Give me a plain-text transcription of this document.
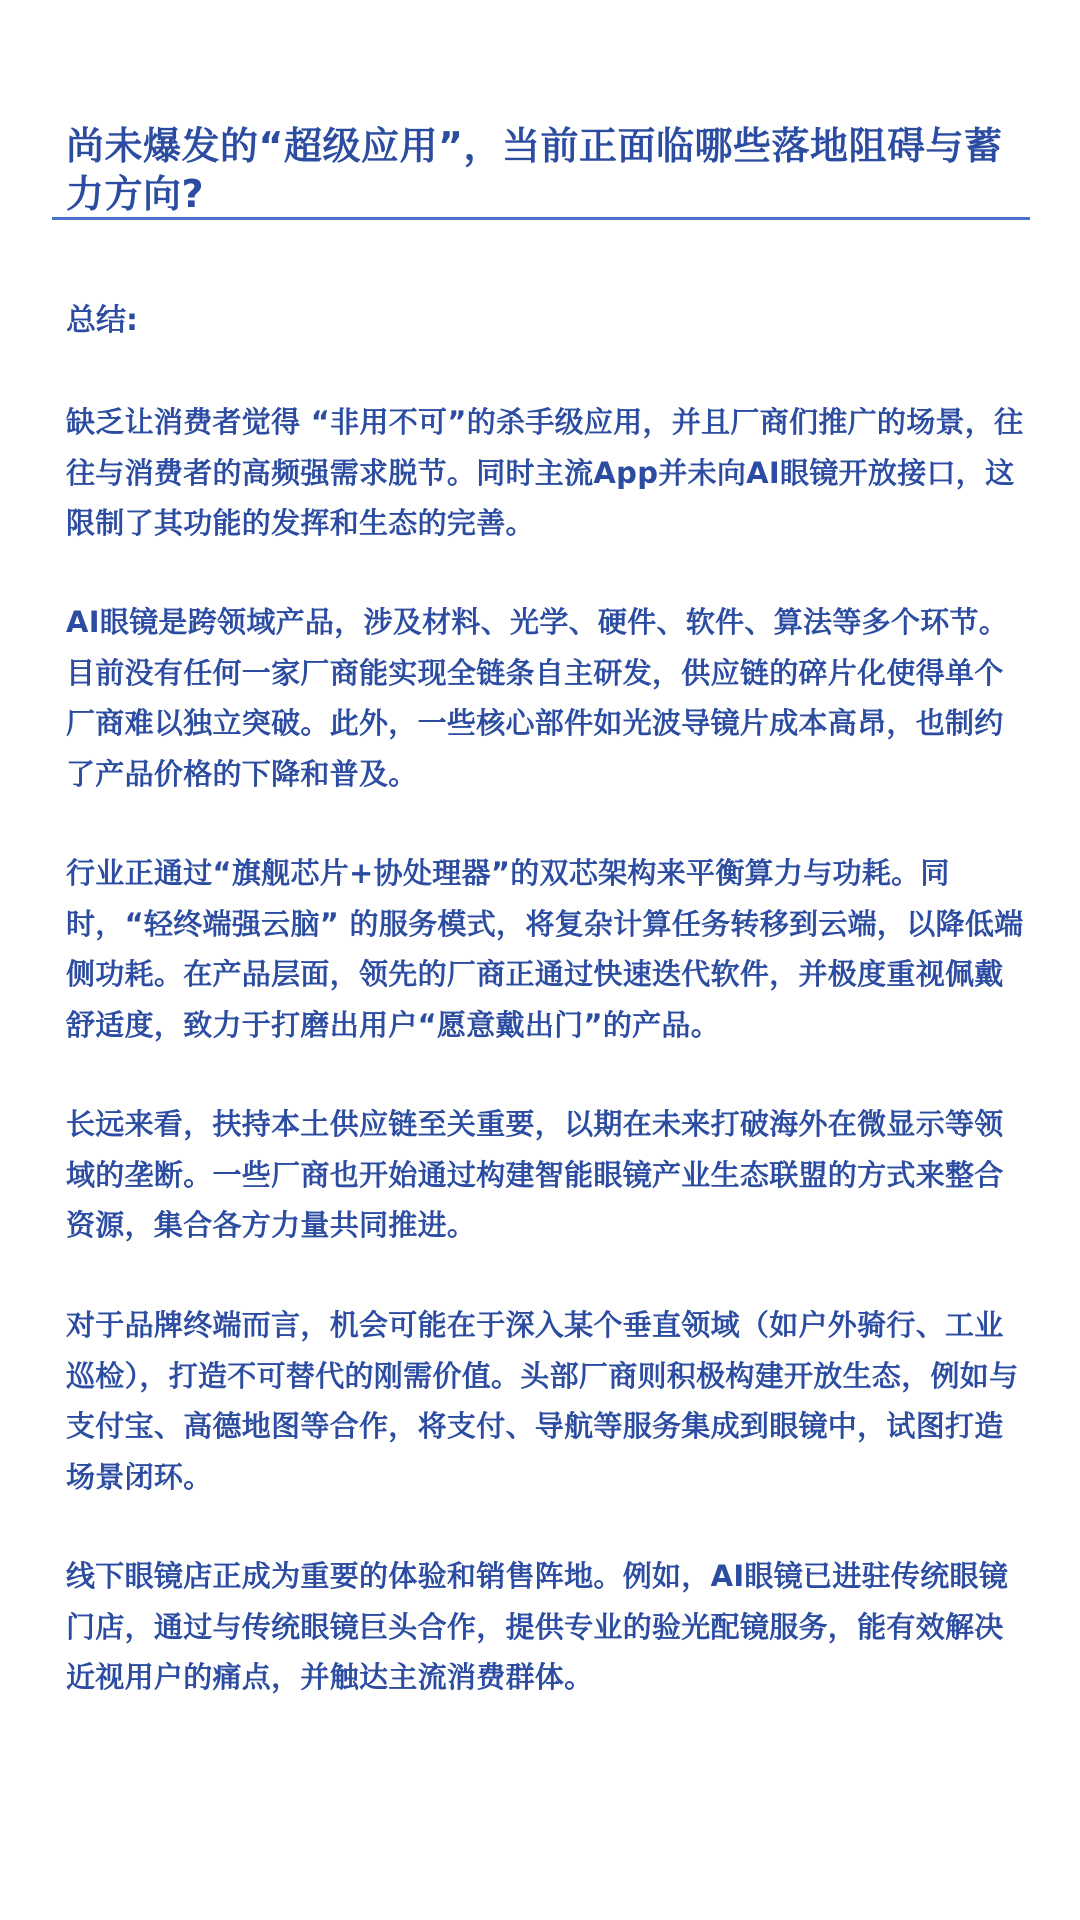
尚未爆发的“超级应用”，当前正面临哪些落地阻碍与蓄力方向?

总结:

缺乏让消费者觉得 “非用不可”的杀手级应用，并且厂商们推广的场景，往往与消费者的高频强需求脱节。同时主流App并未向AI眼镜开放接口，这限制了其功能的发挥和生态的完善。

AI眼镜是跨领域产品，涉及材料、光学、硬件、软件、算法等多个环节。目前没有任何一家厂商能实现全链条自主研发，供应链的碎片化使得单个厂商难以独立突破。此外，一些核心部件如光波导镜片成本高昂，也制约了产品价格的下降和普及。

行业正通过“旗舰芯片+协处理器”的双芯架构来平衡算力与功耗。同时，“轻终端强云脑” 的服务模式，将复杂计算任务转移到云端，以降低端侧功耗。在产品层面，领先的厂商正通过快速迭代软件，并极度重视佩戴舒适度，致力于打磨出用户“愿意戴出门”的产品。

长远来看，扶持本土供应链至关重要，以期在未来打破海外在微显示等领域的垄断。一些厂商也开始通过构建智能眼镜产业生态联盟的方式来整合资源，集合各方力量共同推进。

对于品牌终端而言，机会可能在于深入某个垂直领域（如户外骑行、工业巡检），打造不可替代的刚需价值。头部厂商则积极构建开放生态，例如与支付宝、高德地图等合作，将支付、导航等服务集成到眼镜中，试图打造场景闭环。

线下眼镜店正成为重要的体验和销售阵地。例如，AI眼镜已进驻传统眼镜门店，通过与传统眼镜巨头合作，提供专业的验光配镜服务，能有效解决近视用户的痛点，并触达主流消费群体。
